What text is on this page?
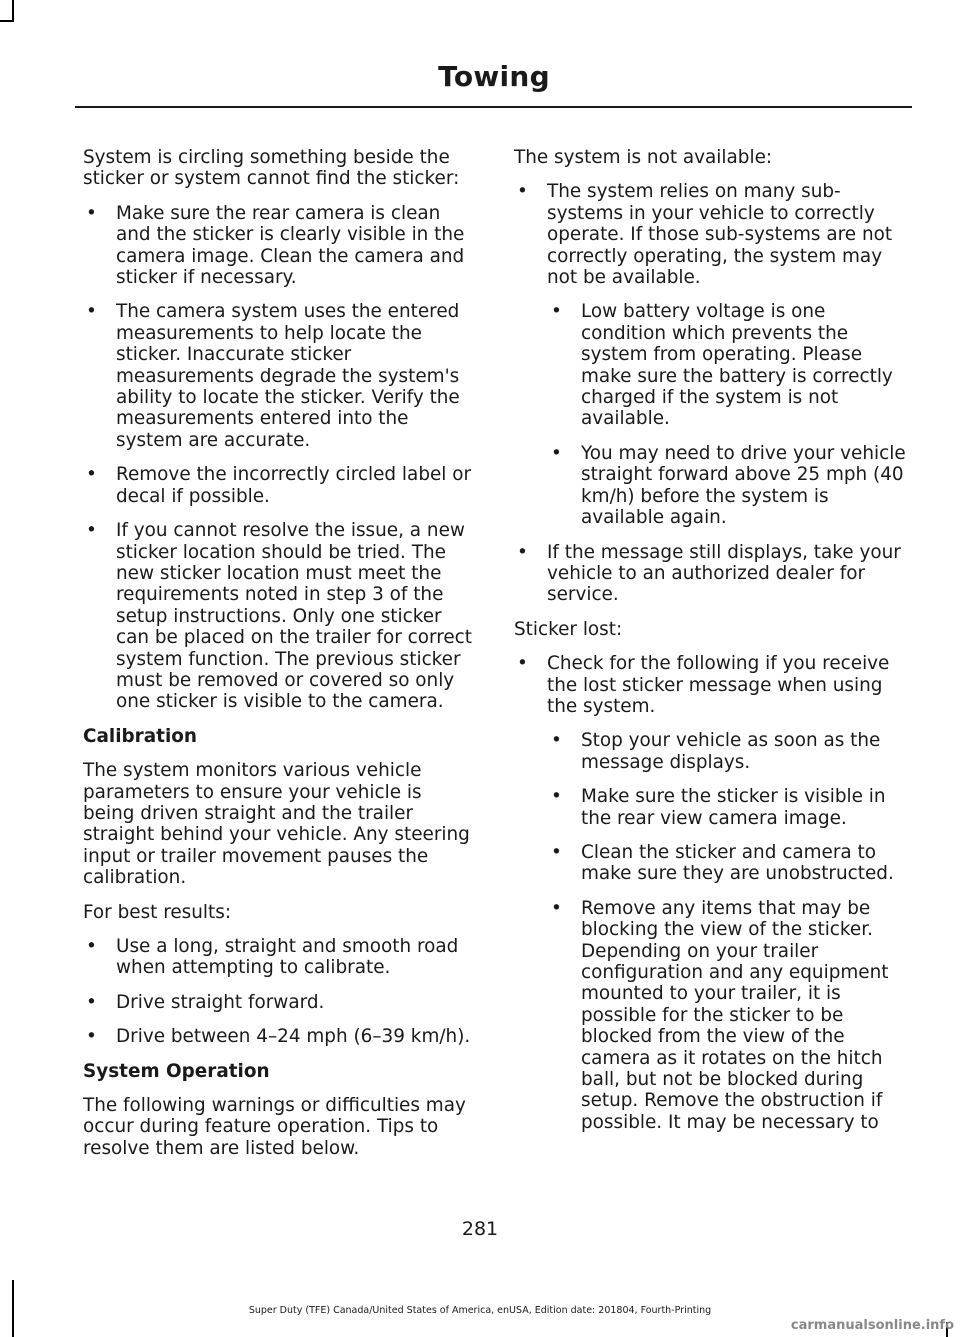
Towing

System is circling something beside the sticker or system cannot find the sticker:

• Make sure the rear camera is clean and the sticker is clearly visible in the camera image. Clean the camera and sticker if necessary.
• The camera system uses the entered measurements to help locate the sticker. Inaccurate sticker measurements degrade the system's ability to locate the sticker. Verify the measurements entered into the system are accurate.
• Remove the incorrectly circled label or decal if possible.
• If you cannot resolve the issue, a new sticker location should be tried. The new sticker location must meet the requirements noted in step 3 of the setup instructions. Only one sticker can be placed on the trailer for correct system function. The previous sticker must be removed or covered so only one sticker is visible to the camera.
Calibration

The system monitors various vehicle parameters to ensure your vehicle is being driven straight and the trailer straight behind your vehicle. Any steering input or trailer movement pauses the calibration.

For best results:

• Use a long, straight and smooth road when attempting to calibrate.
• Drive straight forward.
• Drive between 4–24 mph (6–39 km/h).
System Operation

The following warnings or difficulties may occur during feature operation. Tips to resolve them are listed below.

The system is not available:

• The system relies on many sub-systems in your vehicle to correctly operate. If those sub-systems are not correctly operating, the system may not be available.
• Low battery voltage is one condition which prevents the system from operating. Please make sure the battery is correctly charged if the system is not available.
• You may need to drive your vehicle straight forward above 25 mph (40 km/h) before the system is available again.
• If the message still displays, take your vehicle to an authorized dealer for service.

Sticker lost:

• Check for the following if you receive the lost sticker message when using the system.
• Stop your vehicle as soon as the message displays.
• Make sure the sticker is visible in the rear view camera image.
• Clean the sticker and camera to make sure they are unobstructed.
• Remove any items that may be blocking the view of the sticker. Depending on your trailer configuration and any equipment mounted to your trailer, it is possible for the sticker to be blocked from the view of the camera as it rotates on the hitch ball, but not be blocked during setup. Remove the obstruction if possible. It may be necessary to
281
Super Duty (TFE) Canada/United States of America, enUSA, Edition date: 201804, Fourth-Printing
carmanualsonline.info
